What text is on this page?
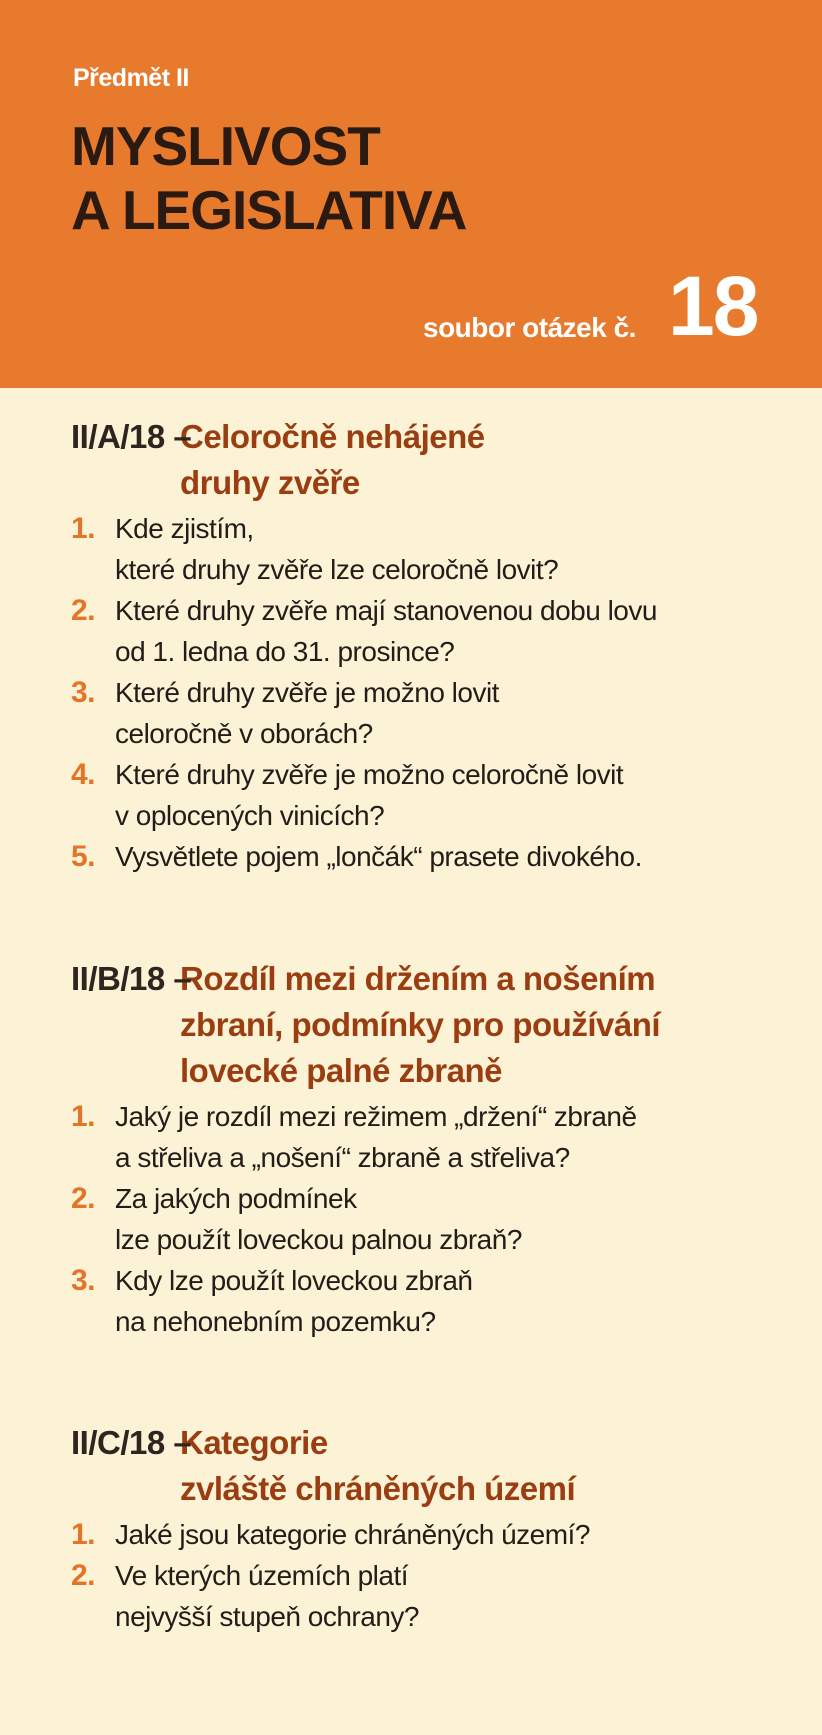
Předmět II
MYSLIVOST
A LEGISLATIVA
soubor otázek č. 18
II/A/18 –
Celoročně nehájené
druhy zvěře
1. Kde zjistím,
které druhy zvěře lze celoročně lovit?
2. Které druhy zvěře mají stanovenou dobu lovu
od 1. ledna do 31. prosince?
3. Které druhy zvěře je možno lovit
celoročně v oborách?
4. Které druhy zvěře je možno celoročně lovit
v oplocených vinicích?
5. Vysvětlete pojem „lončák“ prasete divokého.
II/B/18 –
Rozdíl mezi držením a nošením
zbraní, podmínky pro používání
lovecké palné zbraně
1. Jaký je rozdíl mezi režimem „držení“ zbraně
a střeliva a „nošení“ zbraně a střeliva?
2. Za jakých podmínek
lze použít loveckou palnou zbraň?
3. Kdy lze použít loveckou zbraň
na nehonebním pozemku?
II/C/18 –
Kategorie
zvláště chráněných území
1. Jaké jsou kategorie chráněných území?
2. Ve kterých územích platí
nejvyšší stupeň ochrany?
